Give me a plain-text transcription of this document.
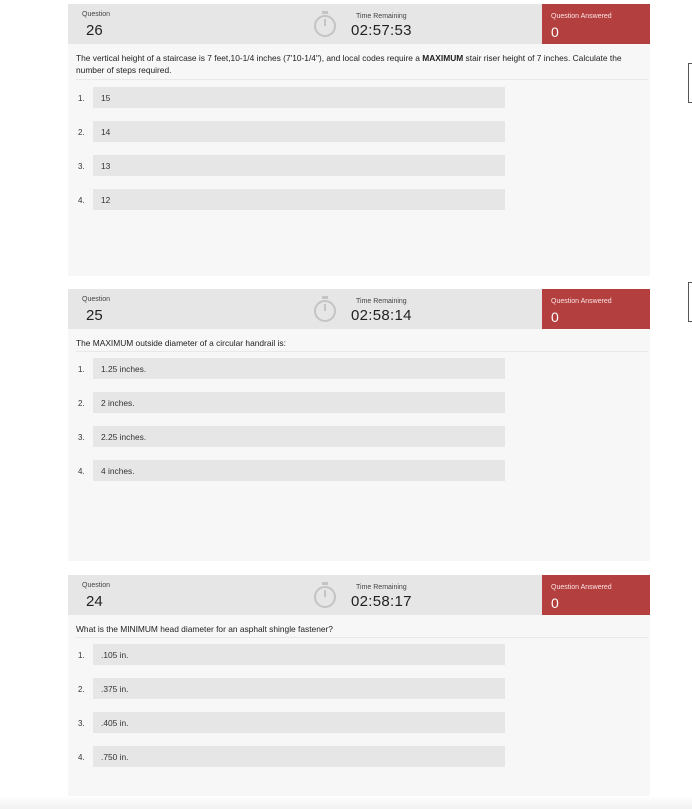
Question
26
Time Remaining
02:57:53
Question Answered
0
The vertical height of a staircase is 7 feet,10-1/4 inches (7'10-1/4"), and local codes require a MAXIMUM stair riser height of 7 inches. Calculate the number of steps required.
1. 15
2. 14
3. 13
4. 12
Question
25
Time Remaining
02:58:14
Question Answered
0
The MAXIMUM outside diameter of a circular handrail is:
1. 1.25 inches.
2. 2 inches.
3. 2.25 inches.
4. 4 inches.
Question
24
Time Remaining
02:58:17
Question Answered
0
What is the MINIMUM head diameter for an asphalt shingle fastener?
1. .105 in.
2. .375 in.
3. .405 in.
4. .750 in.
